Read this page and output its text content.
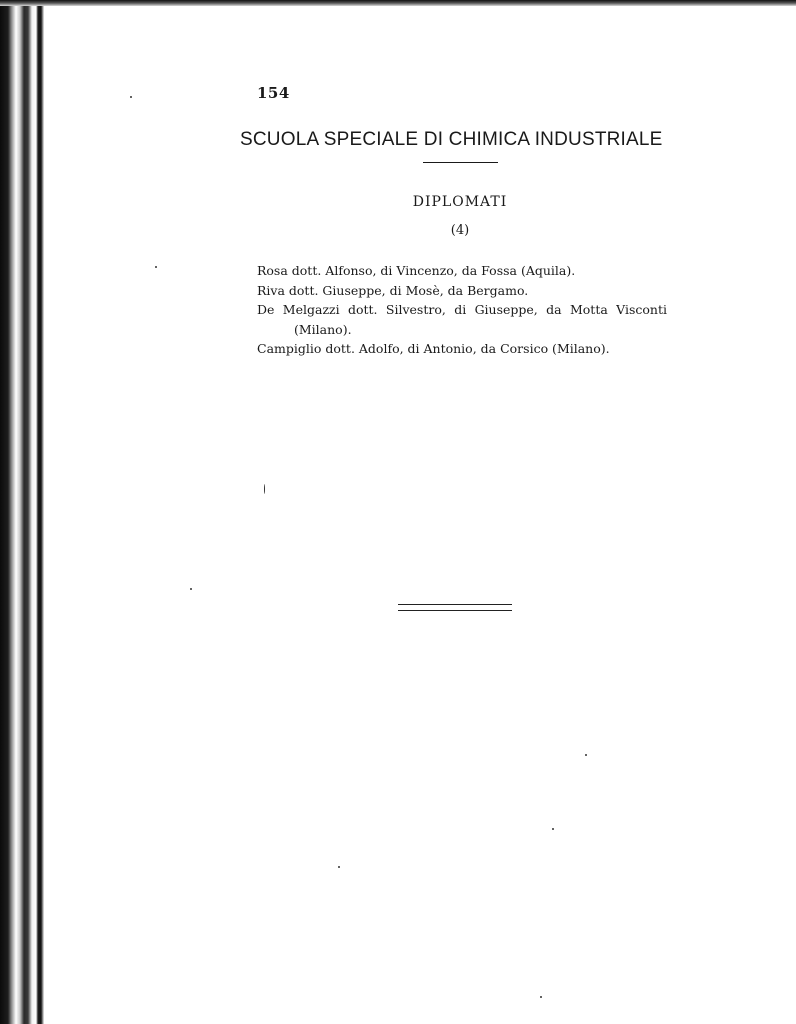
154
SCUOLA SPECIALE DI CHIMICA INDUSTRIALE
DIPLOMATI
(4)
Rosa dott. Alfonso, di Vincenzo, da Fossa (Aquila).
Riva dott. Giuseppe, di Mosè, da Bergamo.
De Melgazzi dott. Silvestro, di Giuseppe, da Motta Visconti
(Milano).
Campiglio dott. Adolfo, di Antonio, da Corsico (Milano).
